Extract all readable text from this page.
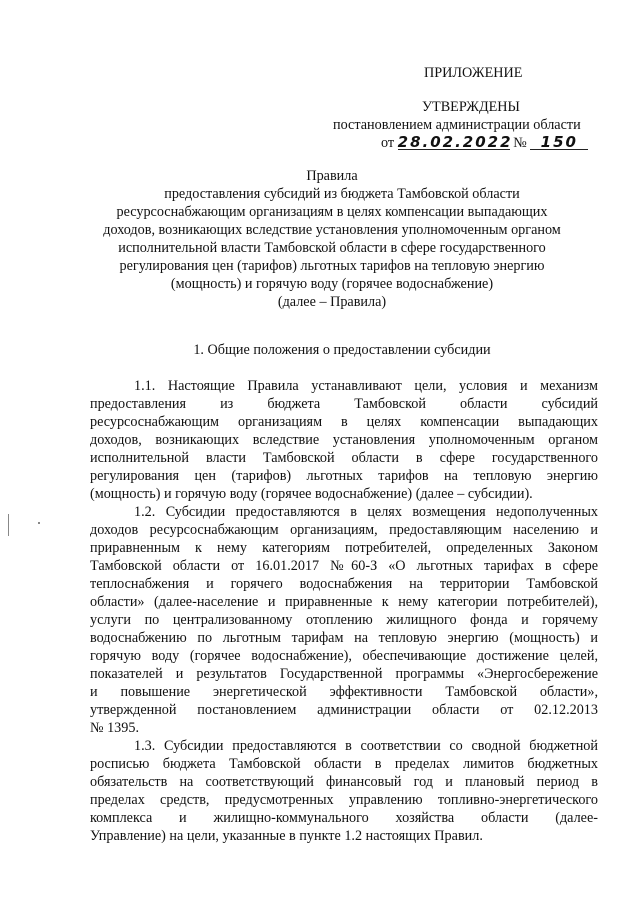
ПРИЛОЖЕНИЕ
УТВЕРЖДЕНЫ
постановлением администрации области
от 28.02.2022 № 150
Правила
предоставления субсидий из бюджета Тамбовской области
ресурсоснабжающим организациям в целях компенсации выпадающих
доходов, возникающих вследствие установления уполномоченным органом
исполнительной власти Тамбовской области в сфере государственного
регулирования цен (тарифов) льготных тарифов на тепловую энергию
(мощность) и горячую воду (горячее водоснабжение)
(далее – Правила)
1. Общие положения о предоставлении субсидии
1.1. Настоящие Правила устанавливают цели, условия и механизм
предоставления из бюджета Тамбовской области субсидий
ресурсоснабжающим организациям в целях компенсации выпадающих
доходов, возникающих вследствие установления уполномоченным органом
исполнительной власти Тамбовской области в сфере государственного
регулирования цен (тарифов) льготных тарифов на тепловую энергию
(мощность) и горячую воду (горячее водоснабжение) (далее – субсидии).
1.2. Субсидии предоставляются в целях возмещения недополученных
доходов ресурсоснабжающим организациям, предоставляющим населению и
приравненным к нему категориям потребителей, определенных Законом
Тамбовской области от 16.01.2017 №60-З «О льготных тарифах в сфере
теплоснабжения и горячего водоснабжения на территории Тамбовской
области» (далее-население и приравненные к нему категории потребителей),
услуги по централизованному отоплению жилищного фонда и горячему
водоснабжению по льготным тарифам на тепловую энергию (мощность) и
горячую воду (горячее водоснабжение), обеспечивающие достижение целей,
показателей и результатов Государственной программы «Энергосбережение
и повышение энергетической эффективности Тамбовской области»,
утвержденной постановлением администрации области от 02.12.2013
№ 1395.
1.3. Субсидии предоставляются в соответствии со сводной бюджетной
росписью бюджета Тамбовской области в пределах лимитов бюджетных
обязательств на соответствующий финансовый год и плановый период в
пределах средств, предусмотренных управлению топливно-энергетического
комплекса и жилищно-коммунального хозяйства области (далее-
Управление) на цели, указанные в пункте 1.2 настоящих Правил.
